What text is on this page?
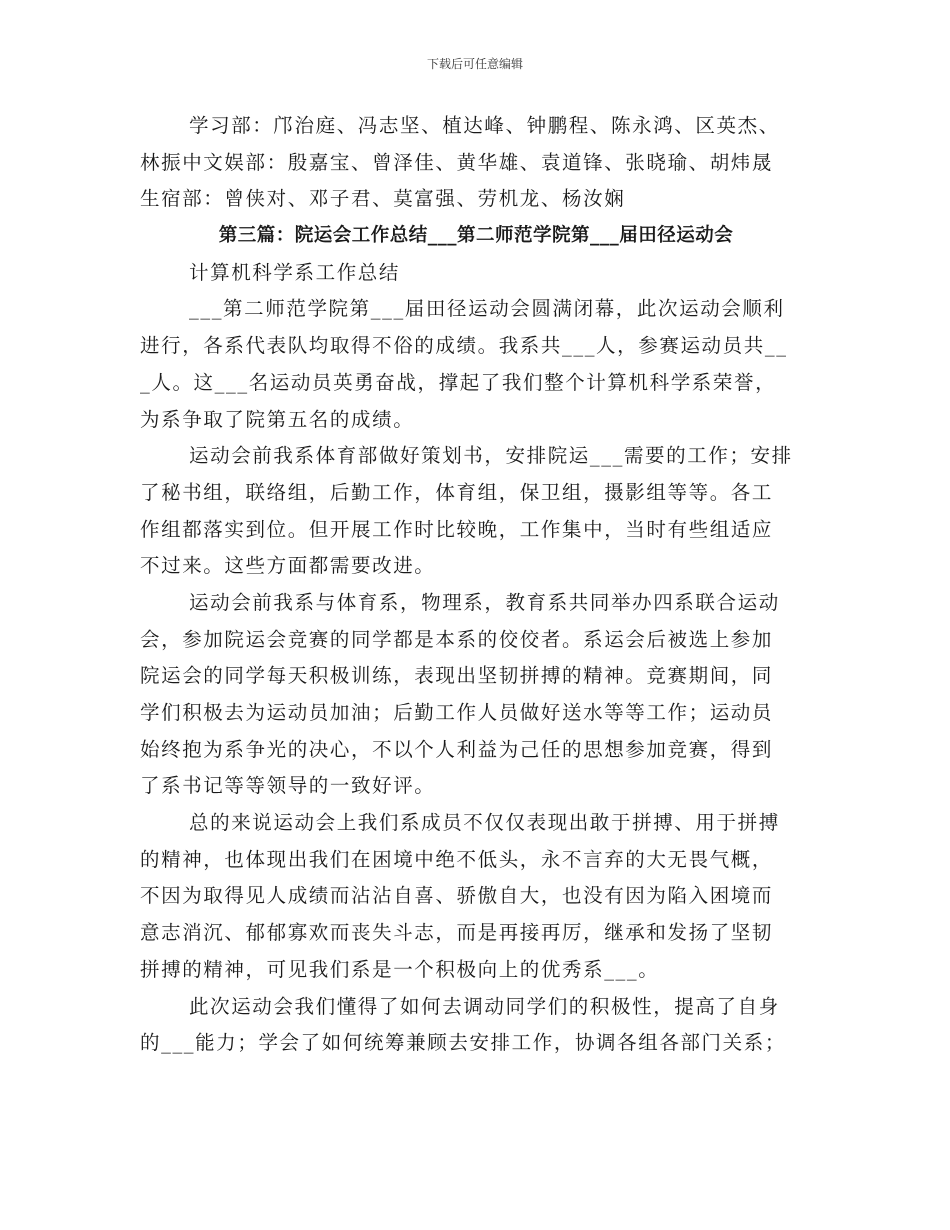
下载后可任意编辑
学习部：邝治庭、冯志坚、植达峰、钟鹏程、陈永鸿、区英杰、
林振中文娱部：殷嘉宝、曾泽佳、黄华雄、袁道锋、张晓瑜、胡炜晟
生宿部：曾侠对、邓子君、莫富强、劳机龙、杨汝娴
第三篇：院运会工作总结___第二师范学院第___届田径运动会
计算机科学系工作总结
___第二师范学院第___届田径运动会圆满闭幕，此次运动会顺利
进行，各系代表队均取得不俗的成绩。我系共___人，参赛运动员共__
_人。这___名运动员英勇奋战，撑起了我们整个计算机科学系荣誉，
为系争取了院第五名的成绩。
运动会前我系体育部做好策划书，安排院运___需要的工作；安排
了秘书组，联络组，后勤工作，体育组，保卫组，摄影组等等。各工
作组都落实到位。但开展工作时比较晚，工作集中，当时有些组适应
不过来。这些方面都需要改进。
运动会前我系与体育系，物理系，教育系共同举办四系联合运动
会，参加院运会竞赛的同学都是本系的佼佼者。系运会后被选上参加
院运会的同学每天积极训练，表现出坚韧拼搏的精神。竞赛期间，同
学们积极去为运动员加油；后勤工作人员做好送水等等工作；运动员
始终抱为系争光的决心，不以个人利益为己任的思想参加竞赛，得到
了系书记等等领导的一致好评。
总的来说运动会上我们系成员不仅仅表现出敢于拼搏、用于拼搏
的精神，也体现出我们在困境中绝不低头，永不言弃的大无畏气概，
不因为取得见人成绩而沾沾自喜、骄傲自大，也没有因为陷入困境而
意志消沉、郁郁寡欢而丧失斗志，而是再接再厉，继承和发扬了坚韧
拼搏的精神，可见我们系是一个积极向上的优秀系___。
此次运动会我们懂得了如何去调动同学们的积极性，提高了自身
的___能力；学会了如何统筹兼顾去安排工作，协调各组各部门关系；
